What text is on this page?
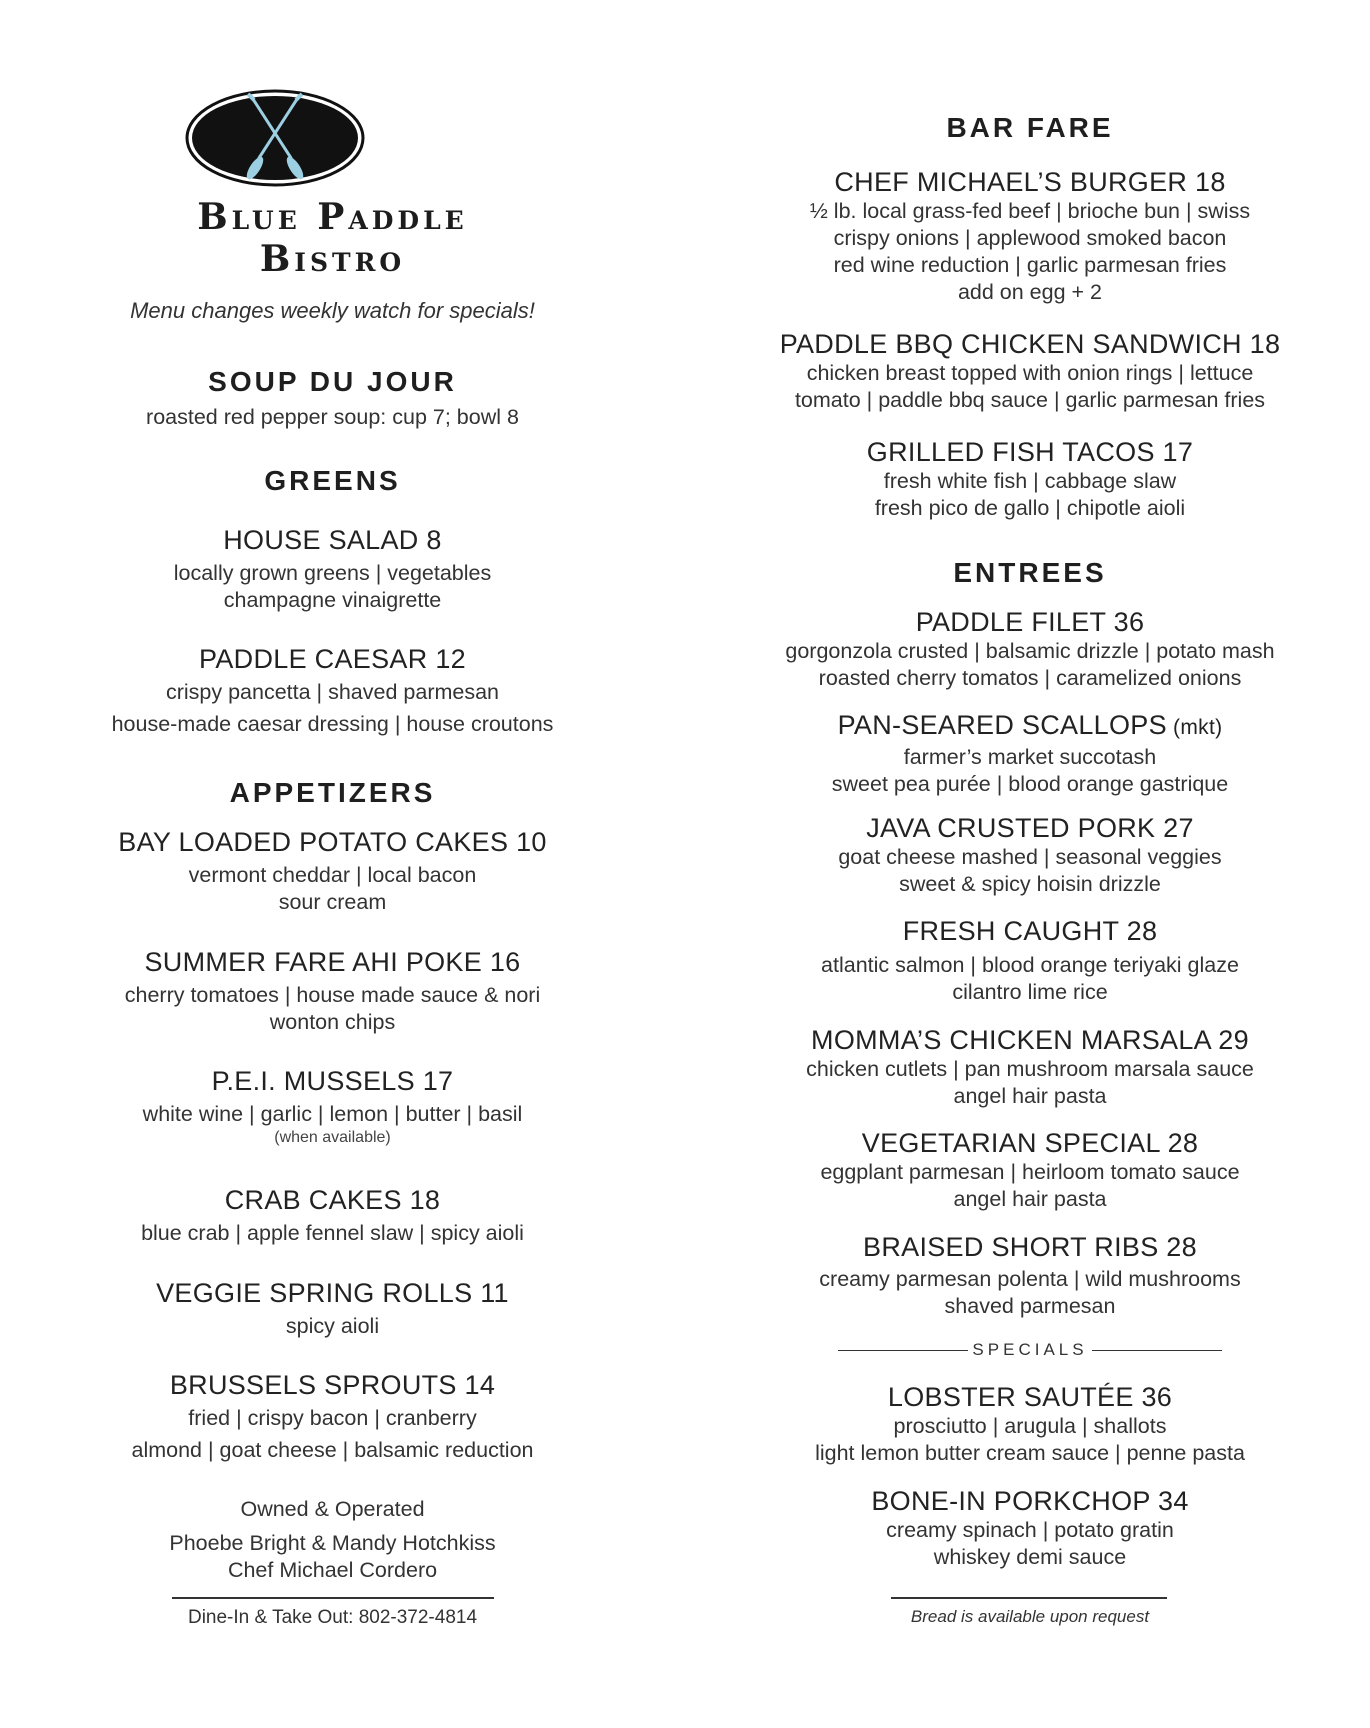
Blue Paddle
Bistro
Menu changes weekly watch for specials!
SOUP DU JOUR
roasted red pepper soup: cup 7; bowl 8
GREENS
HOUSE SALAD 8
locally grown greens | vegetables
champagne vinaigrette
PADDLE CAESAR 12
crispy pancetta | shaved parmesan
house-made caesar dressing | house croutons
APPETIZERS
BAY LOADED POTATO CAKES 10
vermont cheddar | local bacon
sour cream
SUMMER FARE AHI POKE 16
cherry tomatoes | house made sauce & nori
wonton chips
P.E.I. MUSSELS 17
white wine | garlic | lemon | butter | basil
(when available)
CRAB CAKES 18
blue crab | apple fennel slaw | spicy aioli
VEGGIE SPRING ROLLS 11
spicy aioli
BRUSSELS SPROUTS 14
fried | crispy bacon | cranberry
almond | goat cheese | balsamic reduction
Owned & Operated
Phoebe Bright & Mandy Hotchkiss
Chef Michael Cordero
Dine-In & Take Out: 802-372-4814
BAR FARE
CHEF MICHAEL’S BURGER 18
½ lb. local grass-fed beef | brioche bun | swiss
crispy onions | applewood smoked bacon
red wine reduction | garlic parmesan fries
add on egg + 2
PADDLE BBQ CHICKEN SANDWICH 18
chicken breast topped with onion rings | lettuce
tomato | paddle bbq sauce | garlic parmesan fries
GRILLED FISH TACOS 17
fresh white fish | cabbage slaw
fresh pico de gallo | chipotle aioli
ENTREES
PADDLE FILET 36
gorgonzola crusted | balsamic drizzle | potato mash
roasted cherry tomatos | caramelized onions
PAN-SEARED SCALLOPS (mkt)
farmer’s market succotash
sweet pea purée | blood orange gastrique
JAVA CRUSTED PORK 27
goat cheese mashed | seasonal veggies
sweet & spicy hoisin drizzle
FRESH CAUGHT 28
atlantic salmon | blood orange teriyaki glaze
cilantro lime rice
MOMMA’S CHICKEN MARSALA 29
chicken cutlets | pan mushroom marsala sauce
angel hair pasta
VEGETARIAN SPECIAL 28
eggplant parmesan | heirloom tomato sauce
angel hair pasta
BRAISED SHORT RIBS 28
creamy parmesan polenta | wild mushrooms
shaved parmesan
SPECIALS
LOBSTER SAUTÉE 36
prosciutto | arugula | shallots
light lemon butter cream sauce | penne pasta
BONE-IN PORKCHOP 34
creamy spinach | potato gratin
whiskey demi sauce
Bread is available upon request
